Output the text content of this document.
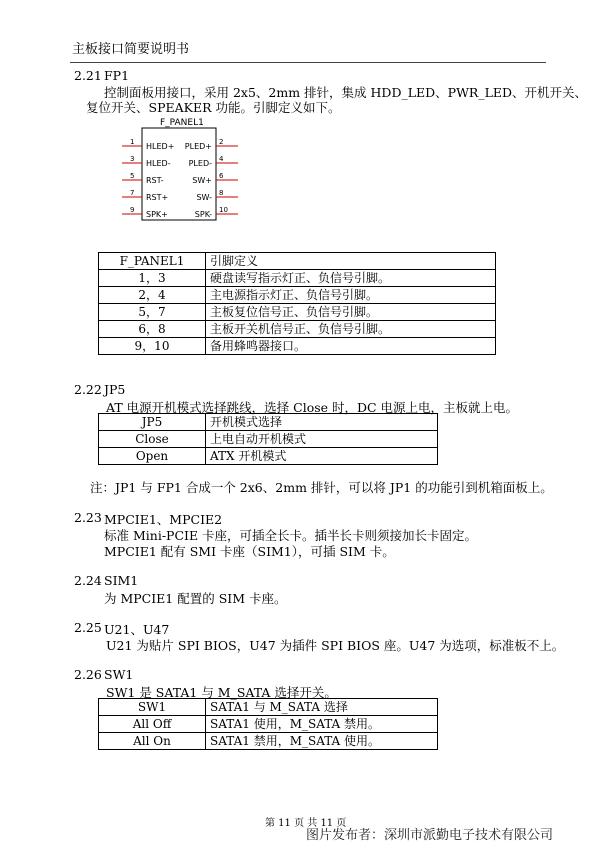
主板接口简要说明书
2.21 FP1
控制面板用接口，采用 2x5、2mm 排针，集成 HDD_LED、PWR_LED、开机开关、
复位开关、SPEAKER 功能。引脚定义如下。
F_PANEL1
1 HLED+
3 HLED-
5 RST-
7 RST+
9 SPK+
2
PLED+
4
PLED-
6
SW+
8
SW-
10
SPK-
F_PANEL1	引脚定义
1，3	硬盘读写指示灯正、负信号引脚。
2，4	主电源指示灯正、负信号引脚。
5，7	主板复位信号正、负信号引脚。
6，8	主板开关机信号正、负信号引脚。
9，10	备用蜂鸣器接口。
2.22 JP5
AT 电源开机模式选择跳线，选择 Close 时，DC 电源上电，主板就上电。
JP5	开机模式选择
Close	上电自动开机模式
Open	ATX 开机模式
注：JP1 与 FP1 合成一个 2x6、2mm 排针，可以将 JP1 的功能引到机箱面板上。
2.23 MPCIE1、MPCIE2
标准 Mini-PCIE 卡座，可插全长卡。插半长卡则须接加长卡固定。
MPCIE1 配有 SMI 卡座（SIM1），可插 SIM 卡。
2.24 SIM1
为 MPCIE1 配置的 SIM 卡座。
2.25 U21、U47
U21 为贴片 SPI BIOS，U47 为插件 SPI BIOS 座。U47 为选项，标准板不上。
2.26 SW1
SW1 是 SATA1 与 M_SATA 选择开关。
SW1	SATA1 与 M_SATA 选择
All Off	SATA1 使用，M_SATA 禁用。
All On	SATA1 禁用，M_SATA 使用。
第 11 页 共 11 页
图片发布者：深圳市派勤电子技术有限公司
